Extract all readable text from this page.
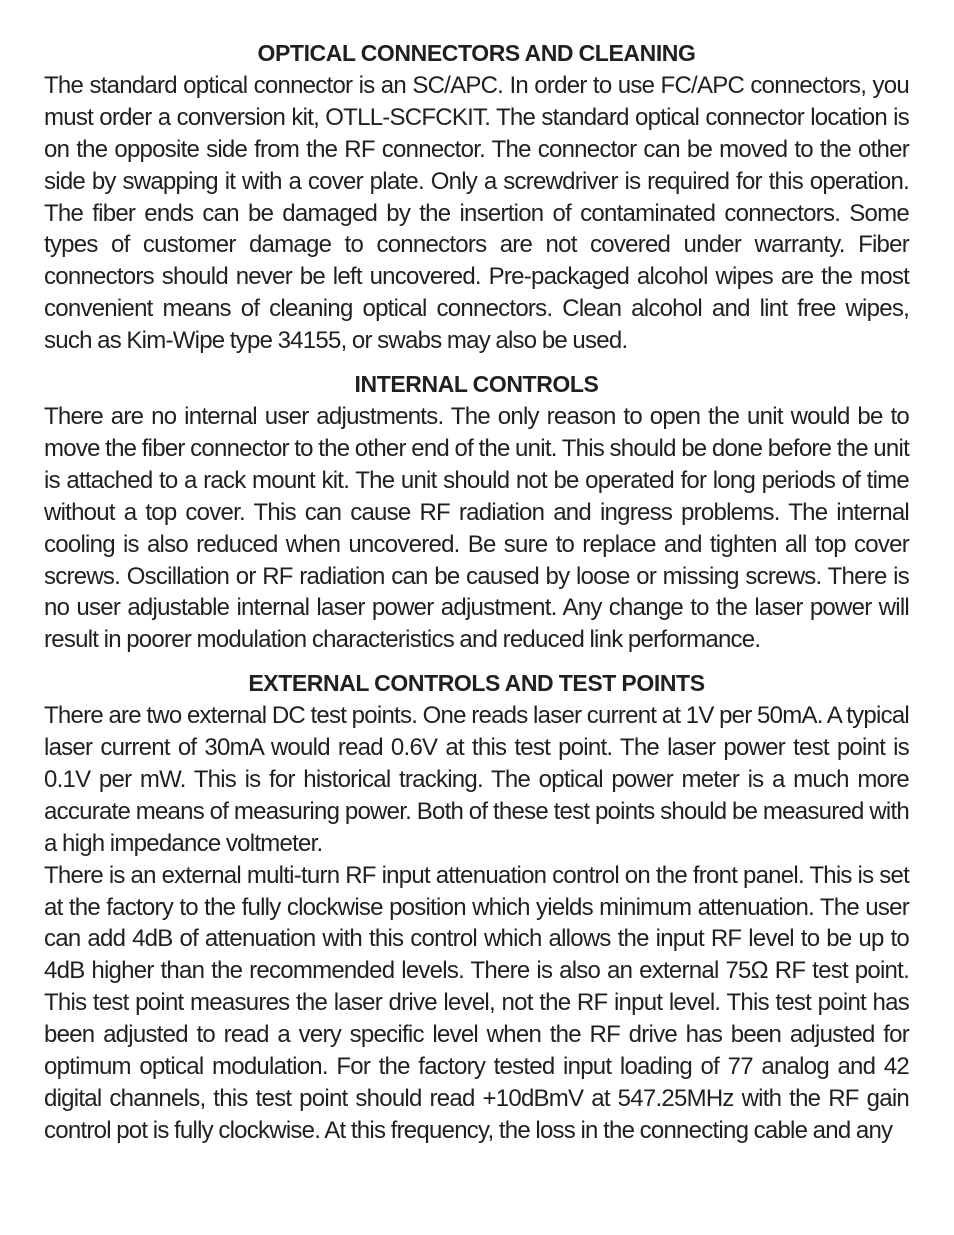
OPTICAL CONNECTORS AND CLEANING

The standard optical connector is an SC/APC. In order to use FC/APC connectors, you must order a conversion kit, OTLL-SCFCKIT. The standard optical connector location is on the opposite side from the RF connector. The connector can be moved to the other side by swapping it with a cover plate. Only a screwdriver is required for this operation. The fiber ends can be damaged by the insertion of contaminated connectors. Some types of customer damage to connectors are not covered under warranty. Fiber connectors should never be left uncovered. Pre-packaged alcohol wipes are the most convenient means of cleaning optical connectors. Clean alcohol and lint free wipes, such as Kim-Wipe type 34155, or swabs may also be used.

INTERNAL CONTROLS

There are no internal user adjustments. The only reason to open the unit would be to move the fiber connector to the other end of the unit. This should be done before the unit is attached to a rack mount kit. The unit should not be operated for long periods of time without a top cover. This can cause RF radiation and ingress problems. The internal cooling is also reduced when uncovered. Be sure to replace and tighten all top cover screws. Oscillation or RF radiation can be caused by loose or missing screws. There is no user adjustable internal laser power adjustment. Any change to the laser power will result in poorer modulation characteristics and reduced link performance.

EXTERNAL CONTROLS AND TEST POINTS

There are two external DC test points. One reads laser current at 1V per 50mA. A typical laser current of 30mA would read 0.6V at this test point. The laser power test point is 0.1V per mW. This is for historical tracking. The optical power meter is a much more accurate means of measuring power. Both of these test points should be measured with a high impedance voltmeter.

There is an external multi-turn RF input attenuation control on the front panel. This is set at the factory to the fully clockwise position which yields minimum attenuation. The user can add 4dB of attenuation with this control which allows the input RF level to be up to 4dB higher than the recommended levels. There is also an external 75Ω RF test point. This test point measures the laser drive level, not the RF input level. This test point has been adjusted to read a very specific level when the RF drive has been adjusted for optimum optical modulation. For the factory tested input loading of 77 analog and 42 digital channels, this test point should read +10dBmV at 547.25MHz with the RF gain control pot is fully clockwise. At this frequency, the loss in the connecting cable and any
